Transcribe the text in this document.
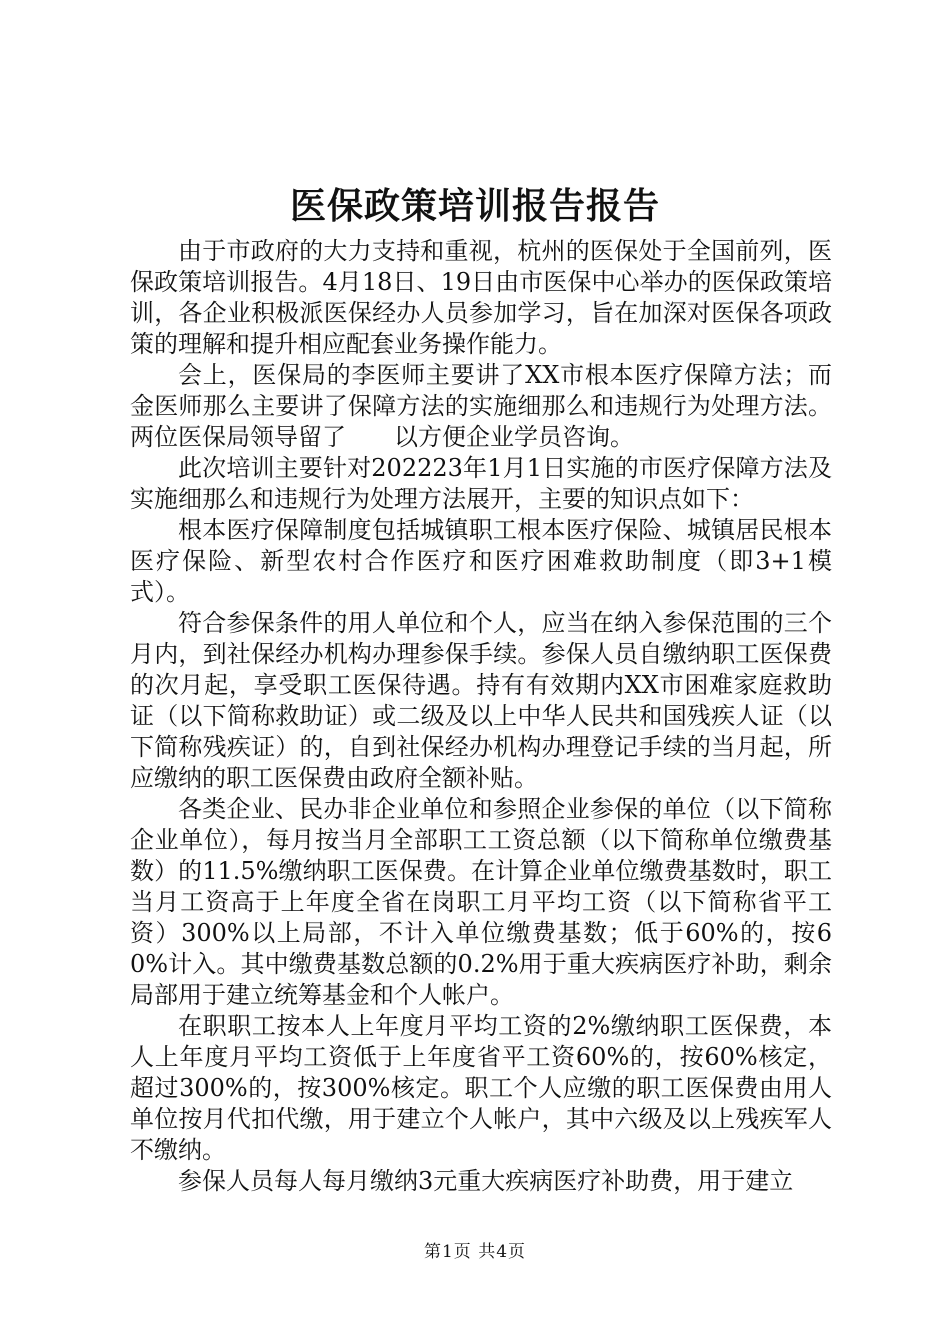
医保政策培训报告报告

由于市政府的大力支持和重视，杭州的医保处于全国前列，医保政策培训报告。4月18日、19日由市医保中心举办的医保政策培训，各企业积极派医保经办人员参加学习，旨在加深对医保各项政策的理解和提升相应配套业务操作能力。

会上，医保局的李医师主要讲了XX市根本医疗保障方法；而金医师那么主要讲了保障方法的实施细那么和违规行为处理方法。两位医保局领导留了　　以方便企业学员咨询。

此次培训主要针对202223年1月1日实施的市医疗保障方法及实施细那么和违规行为处理方法展开，主要的知识点如下：

根本医疗保障制度包括城镇职工根本医疗保险、城镇居民根本医疗保险、新型农村合作医疗和医疗困难救助制度（即3+1模式）。

符合参保条件的用人单位和个人，应当在纳入参保范围的三个月内，到社保经办机构办理参保手续。参保人员自缴纳职工医保费的次月起，享受职工医保待遇。持有有效期内XX市困难家庭救助证（以下简称救助证）或二级及以上中华人民共和国残疾人证（以下简称残疾证）的，自到社保经办机构办理登记手续的当月起，所应缴纳的职工医保费由政府全额补贴。

各类企业、民办非企业单位和参照企业参保的单位（以下简称企业单位），每月按当月全部职工工资总额（以下简称单位缴费基数）的11.5%缴纳职工医保费。在计算企业单位缴费基数时，职工当月工资高于上年度全省在岗职工月平均工资（以下简称省平工资）300%以上局部，不计入单位缴费基数；低于60%的，按60%计入。其中缴费基数总额的0.2%用于重大疾病医疗补助，剩余局部用于建立统筹基金和个人帐户。

在职职工按本人上年度月平均工资的2%缴纳职工医保费，本人上年度月平均工资低于上年度省平工资60%的，按60%核定，超过300%的，按300%核定。职工个人应缴的职工医保费由用人单位按月代扣代缴，用于建立个人帐户，其中六级及以上残疾军人不缴纳。

参保人员每人每月缴纳3元重大疾病医疗补助费，用于建立

第1页 共4页
